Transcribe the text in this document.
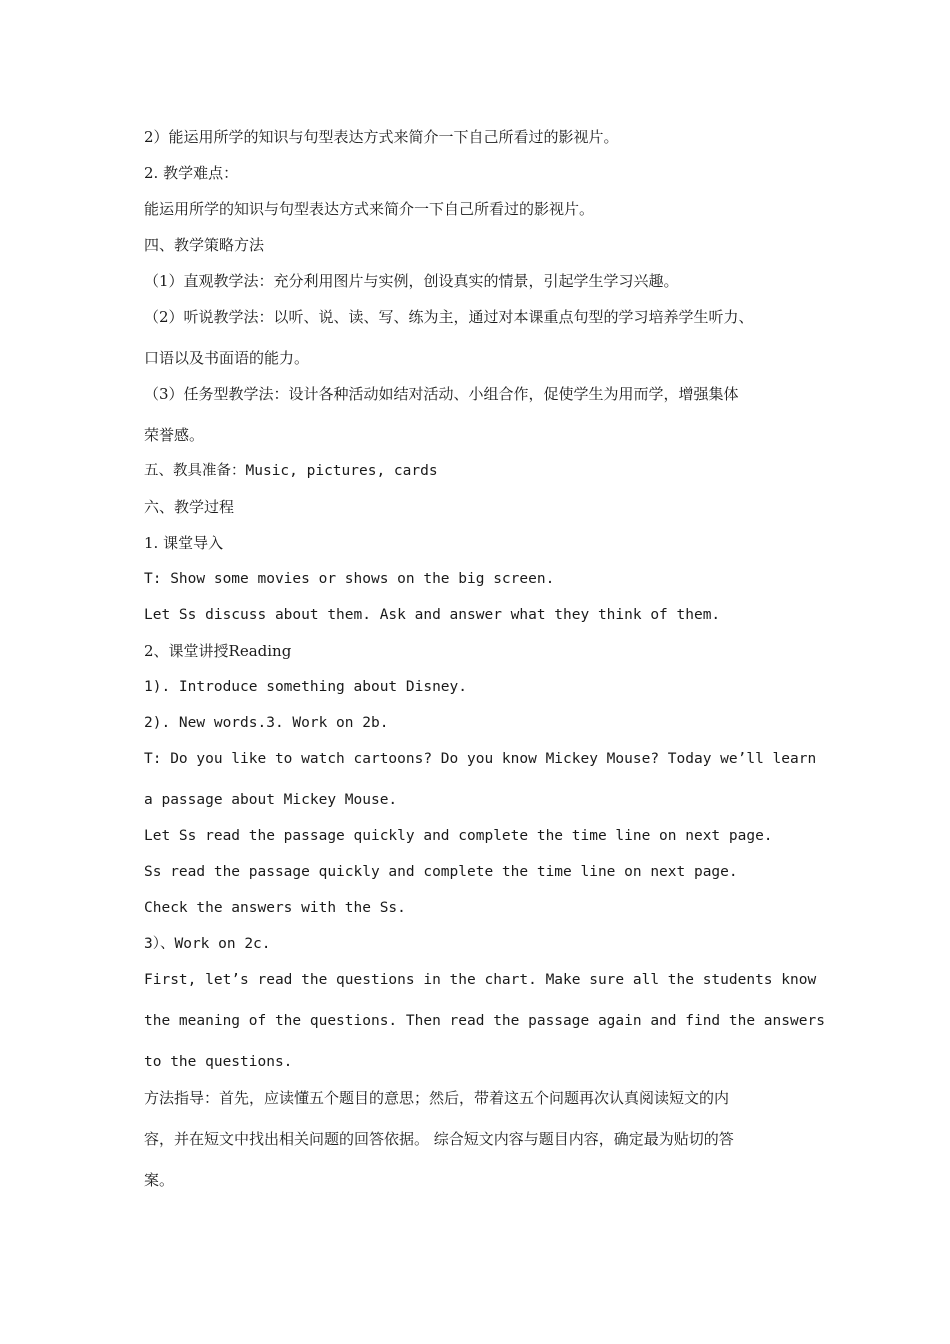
2）能运用所学的知识与句型表达方式来简介一下自己所看过的影视片。
2. 教学难点：
能运用所学的知识与句型表达方式来简介一下自己所看过的影视片。
四、教学策略方法
（1）直观教学法：充分利用图片与实例，创设真实的情景，引起学生学习兴趣。
（2）听说教学法：以听、说、读、写、练为主，通过对本课重点句型的学习培养学生听力、
口语以及书面语的能力。
（3）任务型教学法：设计各种活动如结对活动、小组合作，促使学生为用而学，增强集体
荣誉感。
五、教具准备：Music, pictures, cards
六、教学过程
1. 课堂导入
T: Show some movies or shows on the big screen.
Let Ss discuss about them. Ask and answer what they think of them.
2、课堂讲授Reading
1). Introduce something about Disney.
2). New words.3. Work on 2b.
T: Do you like to watch cartoons? Do you know Mickey Mouse? Today we’ll learn
a passage about Mickey Mouse.
Let Ss read the passage quickly and complete the time line on next page.
Ss read the passage quickly and complete the time line on next page.
Check the answers with the Ss.
3）、Work on 2c.
First, let’s read the questions in the chart. Make sure all the students know
the meaning of the questions. Then read the passage again and find the answers
to the questions.
方法指导：首先，应读懂五个题目的意思；然后，带着这五个问题再次认真阅读短文的内
容，并在短文中找出相关问题的回答依据。 综合短文内容与题目内容，确定最为贴切的答
案。
